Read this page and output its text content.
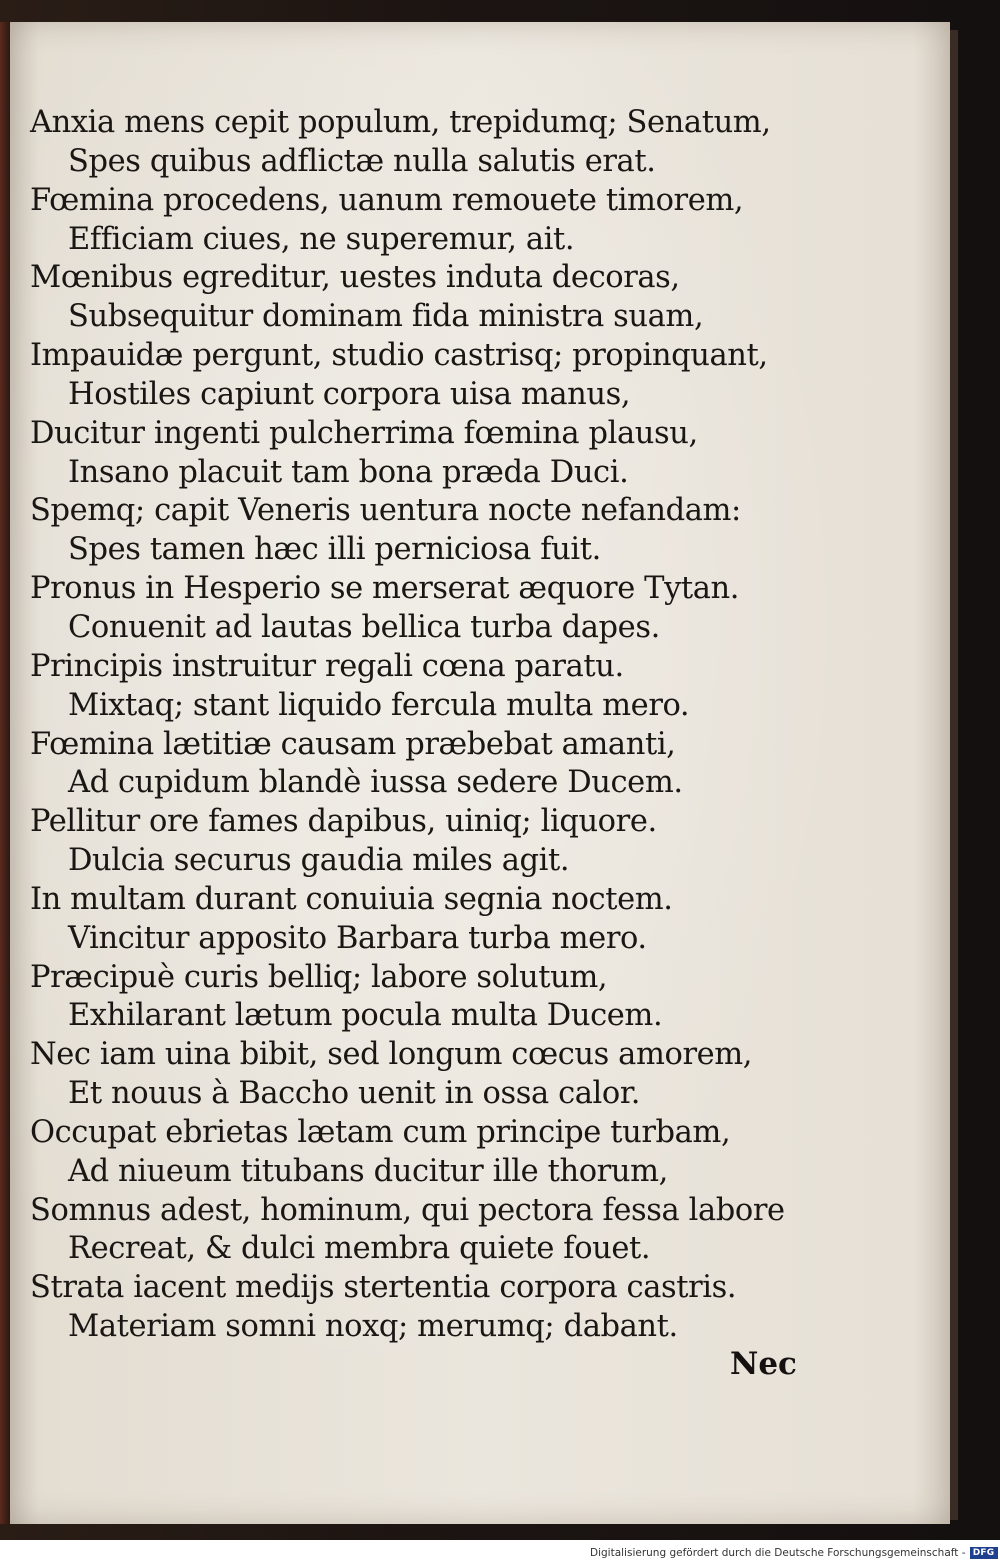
Anxia mens cepit populum, trepidumq; Senatum,
Spes quibus adflictæ nulla salutis erat.
Fœmina procedens, uanum remouete timorem,
Efficiam ciues, ne superemur, ait.
Mœnibus egreditur, uestes induta decoras,
Subsequitur dominam fida ministra suam,
Impauidæ pergunt, studio castrisq; propinquant,
Hostiles capiunt corpora uisa manus,
Ducitur ingenti pulcherrima fœmina plausu,
Insano placuit tam bona præda Duci.
Spemq; capit Veneris uentura nocte nefandam:
Spes tamen hæc illi perniciosa fuit.
Pronus in Hesperio se merserat æquore Tytan.
Conuenit ad lautas bellica turba dapes.
Principis instruitur regali cœna paratu.
Mixtaq; stant liquido fercula multa mero.
Fœmina lætitiæ causam præbebat amanti,
Ad cupidum blandè iussa sedere Ducem.
Pellitur ore fames dapibus, uiniq; liquore.
Dulcia securus gaudia miles agit.
In multam durant conuiuia segnia noctem.
Vincitur apposito Barbara turba mero.
Præcipuè curis belliq; labore solutum,
Exhilarant lætum pocula multa Ducem.
Nec iam uina bibit, sed longum cœcus amorem,
Et nouus à Baccho uenit in ossa calor.
Occupat ebrietas lætam cum principe turbam,
Ad niueum titubans ducitur ille thorum,
Somnus adest, hominum, qui pectora fessa labore
Recreat, & dulci membra quiete fouet.
Strata iacent medijs stertentia corpora castris.
Materiam somni noxq; merumq; dabant.
Nec
Digitalisierung gefördert durch die Deutsche Forschungsgemeinschaft - DFG
